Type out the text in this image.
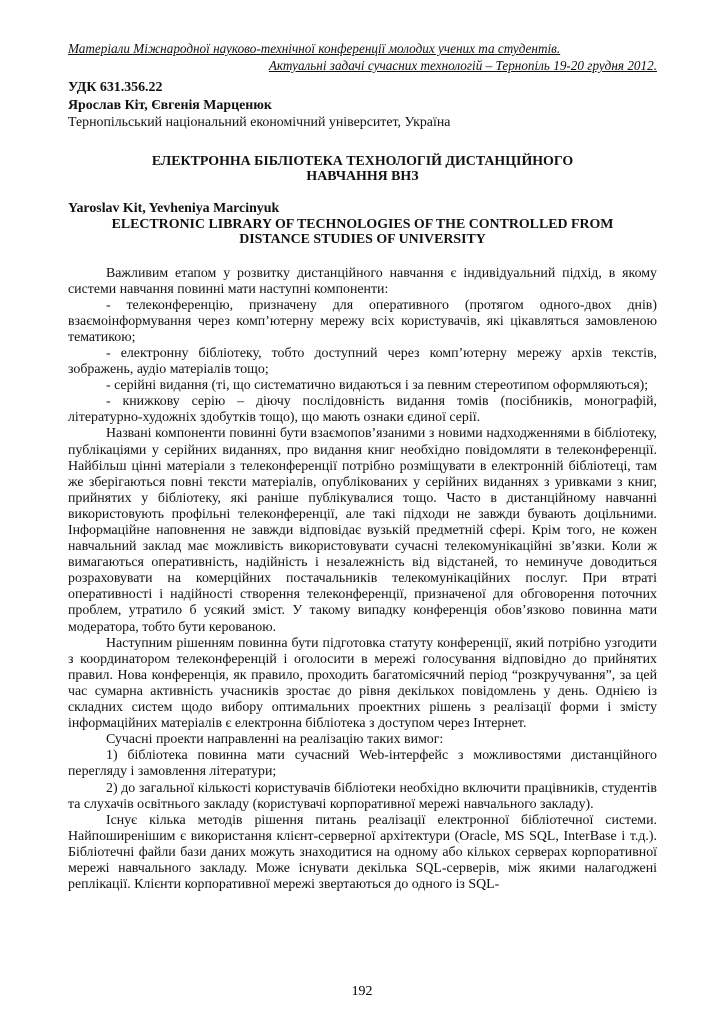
Матеріали Міжнародної науково-технічної конференції молодих учених та студентів.
Актуальні задачі сучасних технологій – Тернопіль 19-20 грудня 2012.
УДК 631.356.22
Ярослав Кіт, Євгенія Марценюк
Тернопільський національний економічний університет, Україна
ЕЛЕКТРОННА БІБЛІОТЕКА ТЕХНОЛОГІЙ ДИСТАНЦІЙНОГО
НАВЧАННЯ ВНЗ
Yaroslav Kit, Yevheniya Marcinyuk
ELECTRONIC LIBRARY OF TECHNOLOGIES OF THE CONTROLLED FROM
DISTANCE STUDIES OF UNIVERSITY

Важливим етапом у розвитку дистанційного навчання є індивідуальний підхід, в якому системи навчання повинні мати наступні компоненти:

- телеконференцію, призначену для оперативного (протягом одного-двох днів) взаємоінформування через комп’ютерну мережу всіх користувачів, які цікавляться замовленою тематикою;

- електронну бібліотеку, тобто доступний через комп’ютерну мережу архів текстів, зображень, аудіо матеріалів тощо;

- серійні видання (ті, що систематично видаються і за певним стереотипом оформляються);

- книжкову серію – діючу послідовність видання томів (посібників, монографій, літературно-художніх здобутків тощо), що мають ознаки єдиної серії.

Названі компоненти повинні бути взаємопов’язаними з новими надходженнями в бібліотеку, публікаціями у серійних виданнях, про видання книг необхідно повідомляти в телеконференції. Найбільш цінні матеріали з телеконференції потрібно розміщувати в електронній бібліотеці, там же зберігаються повні тексти матеріалів, опублікованих у серійних виданнях з уривками з книг, прийнятих у бібліотеку, які раніше публікувалися тощо. Часто в дистанційному навчанні використовують профільні телеконференції, але такі підходи не завжди бувають доцільними. Інформаційне наповнення не завжди відповідає вузькій предметній сфері. Крім того, не кожен навчальний заклад має можливість використовувати сучасні телекомунікаційні зв’язки. Коли ж вимагаються оперативність, надійність і незалежність від відстаней, то неминуче доводиться розраховувати на комерційних постачальників телекомунікаційних послуг. При втраті оперативності і надійності створення телеконференції, призначеної для обговорення поточних проблем, утратило б усякий зміст. У такому випадку конференція обов’язково повинна мати модератора, тобто бути керованою.

Наступним рішенням повинна бути підготовка статуту конференції, який потрібно узгодити з координатором телеконференцій і оголосити в мережі голосування відповідно до прийнятих правил. Нова конференція, як правило, проходить багатомісячний період “розкручування”, за цей час сумарна активність учасників зростає до рівня декількох повідомлень у день. Однією із складних систем щодо вибору оптимальних проектних рішень з реалізації форми і змісту інформаційних матеріалів є електронна бібліотека з доступом через Інтернет.

Сучасні проекти направленні на реалізацію таких вимог:

1) бібліотека повинна мати сучасний Web-інтерфейс з можливостями дистанційного перегляду і замовлення літератури;

2) до загальної кількості користувачів бібліотеки необхідно включити працівників, студентів та слухачів освітнього закладу (користувачі корпоративної мережі навчального закладу).

Існує кілька методів рішення питань реалізації електронної бібліотечної системи. Найпоширенішим є використання клієнт-серверної архітектури (Oracle, MS SQL, InterBase і т.д.). Бібліотечні файли бази даних можуть знаходитися на одному або кількох серверах корпоративної мережі навчального закладу. Може існувати декілька SQL-серверів, між якими налагоджені реплікації. Клієнти корпоративної мережі звертаються до одного із SQL-

192
